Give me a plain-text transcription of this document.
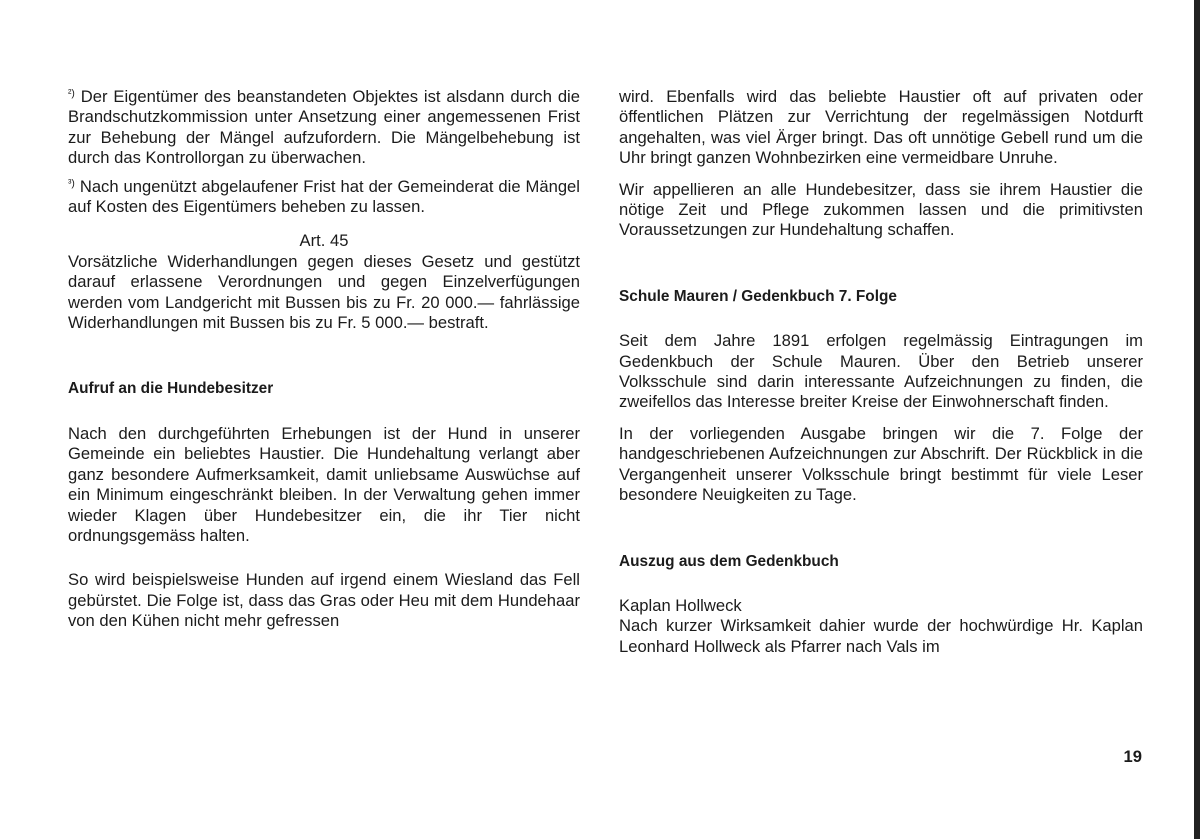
$^{^2)}$ Der Eigentümer des beanstandeten Objektes ist alsdann durch die Brandschutzkommission unter Ansetzung einer angemessenen Frist zur Behebung der Mängel aufzufordern. Die Mängelbehebung ist durch das Kontrollorgan zu überwachen.

$^{^3)}$ Nach ungenützt abgelaufener Frist hat der Gemeinderat die Mängel auf Kosten des Eigentümers beheben zu lassen.

Art. 45

Vorsätzliche Widerhandlungen gegen dieses Gesetz und gestützt darauf erlassene Verordnungen und gegen Einzelverfügungen werden vom Landgericht mit Bussen bis zu Fr. 20 000.— fahrlässige Widerhandlungen mit Bussen bis zu Fr. 5 000.— bestraft.

Aufruf an die Hundebesitzer

Nach den durchgeführten Erhebungen ist der Hund in unserer Gemeinde ein beliebtes Haustier. Die Hundehaltung verlangt aber ganz besondere Aufmerksamkeit, damit unliebsame Auswüchse auf ein Minimum eingeschränkt bleiben. In der Verwaltung gehen immer wieder Klagen über Hundebesitzer ein, die ihr Tier nicht ordnungsgemäss halten.

So wird beispielsweise Hunden auf irgend einem Wiesland das Fell gebürstet. Die Folge ist, dass das Gras oder Heu mit dem Hundehaar von den Kühen nicht mehr gefressen

wird. Ebenfalls wird das beliebte Haustier oft auf privaten oder öffentlichen Plätzen zur Verrichtung der regelmässigen Notdurft angehalten, was viel Ärger bringt. Das oft unnötige Gebell rund um die Uhr bringt ganzen Wohnbezirken eine vermeidbare Unruhe.

Wir appellieren an alle Hundebesitzer, dass sie ihrem Haustier die nötige Zeit und Pflege zukommen lassen und die primitivsten Voraussetzungen zur Hundehaltung schaffen.

Schule Mauren / Gedenkbuch 7. Folge

Seit dem Jahre 1891 erfolgen regelmässig Eintragungen im Gedenkbuch der Schule Mauren. Über den Betrieb unserer Volksschule sind darin interessante Aufzeichnungen zu finden, die zweifellos das Interesse breiter Kreise der Einwohnerschaft finden.

In der vorliegenden Ausgabe bringen wir die 7. Folge der handgeschriebenen Aufzeichnungen zur Abschrift. Der Rückblick in die Vergangenheit unserer Volksschule bringt bestimmt für viele Leser besondere Neuigkeiten zu Tage.

Auszug aus dem Gedenkbuch

Kaplan Hollweck

Nach kurzer Wirksamkeit dahier wurde der hochwürdige Hr. Kaplan Leonhard Hollweck als Pfarrer nach Vals im

19
